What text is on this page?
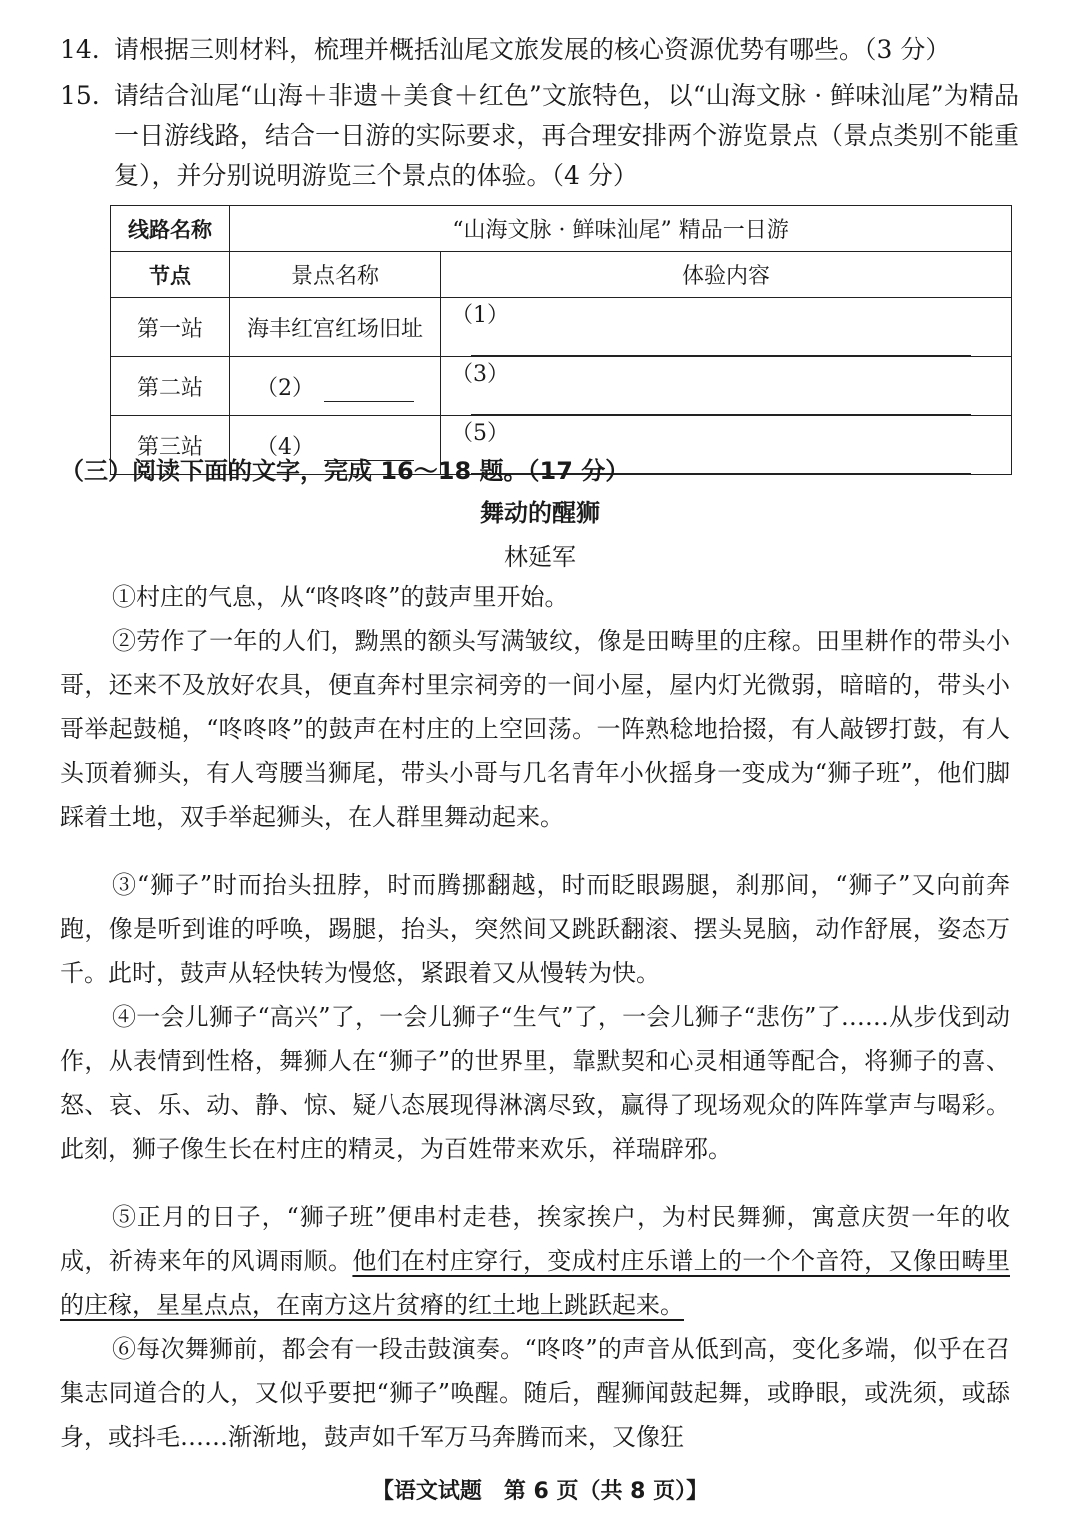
14. 请根据三则材料，梳理并概括汕尾文旅发展的核心资源优势有哪些。（3 分）
15. 请结合汕尾“山海＋非遗＋美食＋红色”文旅特色，以“山海文脉 · 鲜味汕尾”为精品一日游线路，结合一日游的实际要求，再合理安排两个游览景点（景点类别不能重复），并分别说明游览三个景点的体验。（4 分）
线路名称	“山海文脉 · 鲜味汕尾” 精品一日游	
节点	景点名称	体验内容
第一站	海丰红宫红场旧址	（1）
第二站	（2）	（3）
第三站	（4）	（5）
（三）阅读下面的文字，完成 16～18 题。（17 分）
舞动的醒狮
林延军
①村庄的气息，从“咚咚咚”的鼓声里开始。
②劳作了一年的人们，黝黑的额头写满皱纹，像是田畴里的庄稼。田里耕作的带头小哥，还来不及放好农具，便直奔村里宗祠旁的一间小屋，屋内灯光微弱，暗暗的，带头小哥举起鼓槌，“咚咚咚”的鼓声在村庄的上空回荡。一阵熟稔地拾掇，有人敲锣打鼓，有人头顶着狮头，有人弯腰当狮尾，带头小哥与几名青年小伙摇身一变成为“狮子班”，他们脚踩着土地，双手举起狮头，在人群里舞动起来。
③“狮子”时而抬头扭脖，时而腾挪翻越，时而眨眼踢腿，刹那间，“狮子”又向前奔跑，像是听到谁的呼唤，踢腿，抬头，突然间又跳跃翻滚、摆头晃脑，动作舒展，姿态万千。此时，鼓声从轻快转为慢悠，紧跟着又从慢转为快。
④一会儿狮子“高兴”了，一会儿狮子“生气”了，一会儿狮子“悲伤”了……从步伐到动作，从表情到性格，舞狮人在“狮子”的世界里，靠默契和心灵相通等配合，将狮子的喜、怒、哀、乐、动、静、惊、疑八态展现得淋漓尽致，赢得了现场观众的阵阵掌声与喝彩。此刻，狮子像生长在村庄的精灵，为百姓带来欢乐，祥瑞辟邪。
⑤正月的日子，“狮子班”便串村走巷，挨家挨户，为村民舞狮，寓意庆贺一年的收成，祈祷来年的风调雨顺。他们在村庄穿行，变成村庄乐谱上的一个个音符，又像田畴里的庄稼，星星点点，在南方这片贫瘠的红土地上跳跃起来。
⑥每次舞狮前，都会有一段击鼓演奏。“咚咚”的声音从低到高，变化多端，似乎在召集志同道合的人，又似乎要把“狮子”唤醒。随后，醒狮闻鼓起舞，或睁眼，或洗须，或舔身，或抖毛……渐渐地，鼓声如千军万马奔腾而来，又像狂
【语文试题　第 6 页（共 8 页）】
